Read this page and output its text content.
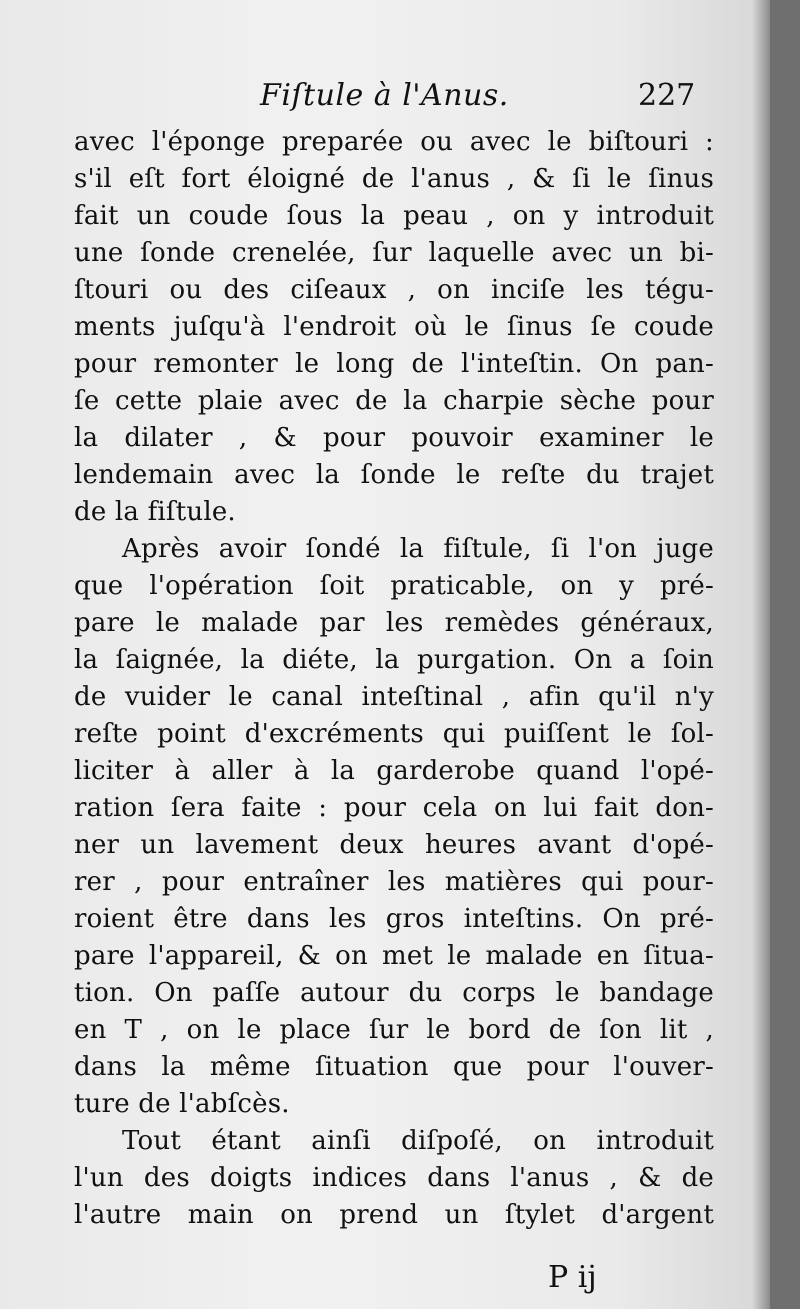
Fiſtule à l'Anus.	227
avec l'éponge preparée ou avec le biſtouri :
s'il eſt fort éloigné de l'anus , & ſi le ſinus
fait un coude ſous la peau , on y introduit
une ſonde crenelée, ſur laquelle avec un bi-
ſtouri ou des ciſeaux , on inciſe les tégu-
ments juſqu'à l'endroit où le ſinus ſe coude
pour remonter le long de l'inteſtin. On pan-
ſe cette plaie avec de la charpie sèche pour
la dilater , & pour pouvoir examiner le
lendemain avec la ſonde le reſte du trajet
de la fiſtule.
Après avoir ſondé la fiſtule, ſi l'on juge
que l'opération ſoit praticable, on y pré-
pare le malade par les remèdes généraux,
la ſaignée, la diéte, la purgation. On a ſoin
de vuider le canal inteſtinal , afin qu'il n'y
reſte point d'excréments qui puiſſent le ſol-
liciter à aller à la garderobe quand l'opé-
ration ſera faite : pour cela on lui fait don-
ner un lavement deux heures avant d'opé-
rer , pour entraîner les matières qui pour-
roient être dans les gros inteſtins. On pré-
pare l'appareil, & on met le malade en ſitua-
tion. On paſſe autour du corps le bandage
en T , on le place ſur le bord de ſon lit ,
dans la même ſituation que pour l'ouver-
ture de l'abſcès.
Tout étant ainſi diſpoſé, on introduit
l'un des doigts indices dans l'anus , & de
l'autre main on prend un ſtylet d'argent
P ij
